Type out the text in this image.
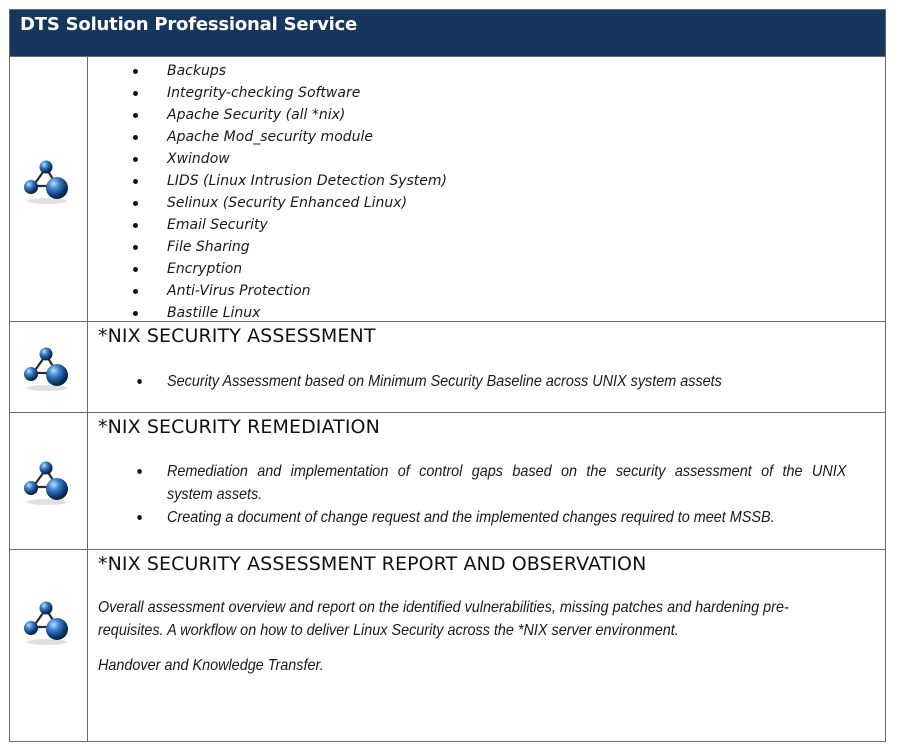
DTS Solution Professional Service
Backups
Integrity-checking Software
Apache Security (all *nix)
Apache Mod_security module
Xwindow
LIDS (Linux Intrusion Detection System)
Selinux (Security Enhanced Linux)
Email Security
File Sharing
Encryption
Anti-Virus Protection
Bastille Linux
*NIX SECURITY ASSESSMENT
Security Assessment based on Minimum Security Baseline across UNIX system assets
*NIX SECURITY REMEDIATION
Remediation and implementation of control gaps based on the security assessment of the UNIX
system assets.
Creating a document of change request and the implemented changes required to meet MSSB.
*NIX SECURITY ASSESSMENT REPORT AND OBSERVATION
Overall assessment overview and report on the identified vulnerabilities, missing patches and hardening pre-
requisites. A workflow on how to deliver Linux Security across the *NIX server environment.
Handover and Knowledge Transfer.
